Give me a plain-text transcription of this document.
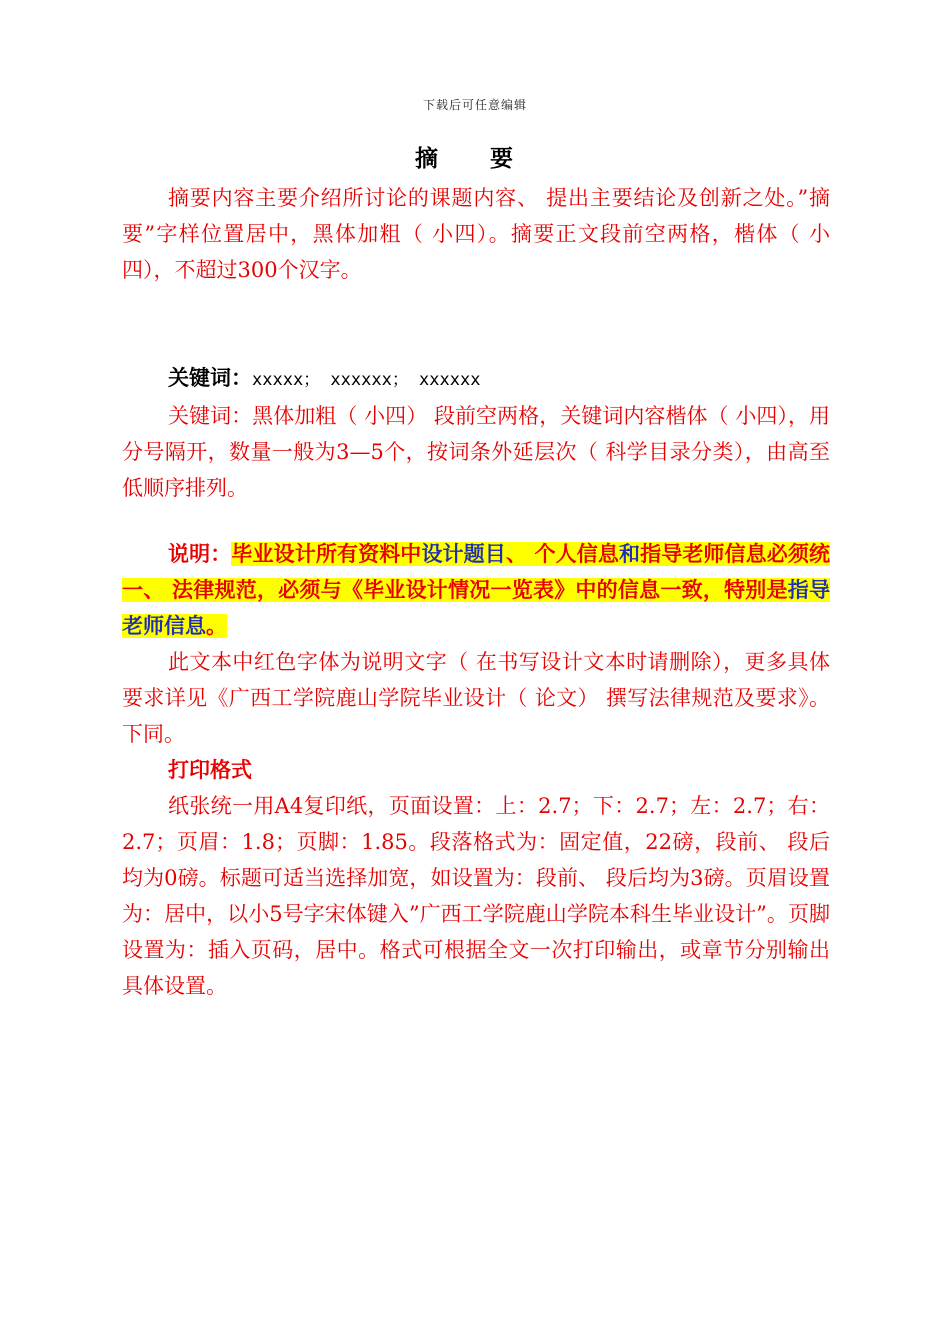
下载后可任意编辑
摘 要

摘要内容主要介绍所讨论的课题内容、 提出主要结论及创新之处。”摘要”字样位置居中，黑体加粗（ 小四）。摘要正文段前空两格，楷体（ 小四），不超过300个汉字。

关键词：xxxxx； xxxxxx； xxxxxx

关键词：黑体加粗（ 小四） 段前空两格，关键词内容楷体（ 小四），用分号隔开，数量一般为3—5个，按词条外延层次（ 科学目录分类），由高至低顺序排列。

说明：毕业设计所有资料中设计题目、 个人信息和指导老师信息必须统一、 法律规范，必须与《毕业设计情况一览表》中的信息一致，特别是指导老师信息。

此文本中红色字体为说明文字（ 在书写设计文本时请删除），更多具体要求详见《广西工学院鹿山学院毕业设计（ 论文） 撰写法律规范及要求》。下同。

打印格式

纸张统一用A4复印纸，页面设置：上：2.7；下：2.7；左：2.7；右：2.7；页眉：1.8；页脚：1.85。段落格式为：固定值，22磅，段前、 段后均为0磅。标题可适当选择加宽，如设置为：段前、 段后均为3磅。页眉设置为：居中，以小5号字宋体键入”广西工学院鹿山学院本科生毕业设计”。页脚设置为：插入页码，居中。格式可根据全文一次打印输出，或章节分别输出具体设置。
